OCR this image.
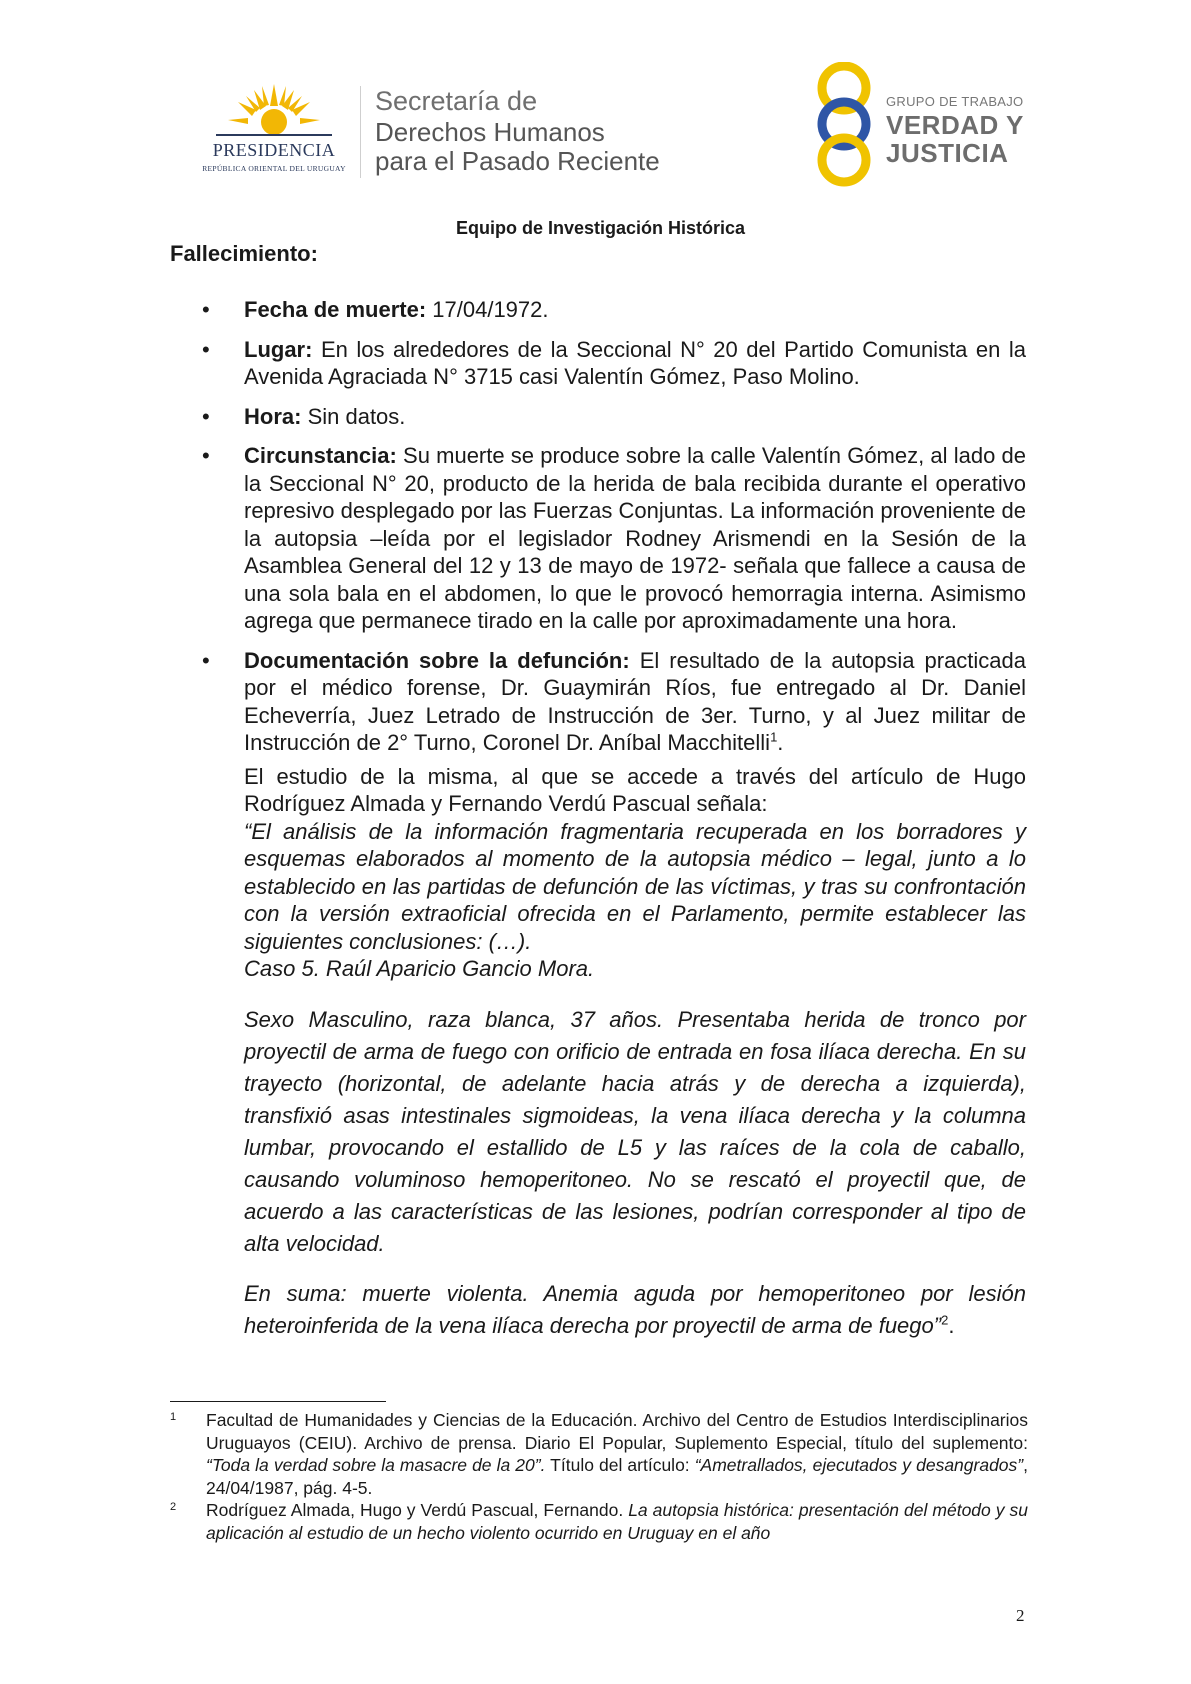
PRESIDENCIA
REPÚBLICA ORIENTAL DEL URUGUAY
Secretaría de
Derechos Humanos
para el Pasado Reciente
GRUPO DE TRABAJO
VERDAD Y
JUSTICIA
Equipo de Investigación Histórica
Fallecimiento:
• Fecha de muerte: 17/04/1972.
• Lugar: En los alrededores de la Seccional N° 20 del Partido Comunista en la Avenida Agraciada N° 3715 casi Valentín Gómez, Paso Molino.
• Hora: Sin datos.
• Circunstancia: Su muerte se produce sobre la calle Valentín Gómez, al lado de la Seccional N° 20, producto de la herida de bala recibida durante el operativo represivo desplegado por las Fuerzas Conjuntas. La información proveniente de la autopsia –leída por el legislador Rodney Arismendi en la Sesión de la Asamblea General del 12 y 13 de mayo de 1972- señala que fallece a causa de una sola bala en el abdomen, lo que le provocó hemorragia interna. Asimismo agrega que permanece tirado en la calle por aproximadamente una hora.
• Documentación sobre la defunción: El resultado de la autopsia practicada por el médico forense, Dr. Guaymirán Ríos, fue entregado al Dr. Daniel Echeverría, Juez Letrado de Instrucción de 3er. Turno, y al Juez militar de Instrucción de 2° Turno, Coronel Dr. Aníbal Macchitelli$^1$.
El estudio de la misma, al que se accede a través del artículo de Hugo Rodríguez Almada y Fernando Verdú Pascual señala:
“El análisis de la información fragmentaria recuperada en los borradores y esquemas elaborados al momento de la autopsia médico – legal, junto a lo establecido en las partidas de defunción de las víctimas, y tras su confrontación con la versión extraoficial ofrecida en el Parlamento, permite establecer las siguientes conclusiones: (…).
Caso 5. Raúl Aparicio Gancio Mora.
Sexo Masculino, raza blanca, 37 años. Presentaba herida de tronco por proyectil de arma de fuego con orificio de entrada en fosa ilíaca derecha. En su trayecto (horizontal, de adelante hacia atrás y de derecha a izquierda), transfixió asas intestinales sigmoideas, la vena ilíaca derecha y la columna lumbar, provocando el estallido de L5 y las raíces de la cola de caballo, causando voluminoso hemoperitoneo. No se rescató el proyectil que, de acuerdo a las características de las lesiones, podrían corresponder al tipo de alta velocidad.
En suma: muerte violenta. Anemia aguda por hemoperitoneo por lesión heteroinferida de la vena ilíaca derecha por proyectil de arma de fuego”$^2$.
1 Facultad de Humanidades y Ciencias de la Educación. Archivo del Centro de Estudios Interdisciplinarios Uruguayos (CEIU). Archivo de prensa. Diario El Popular, Suplemento Especial, título del suplemento: “Toda la verdad sobre la masacre de la 20”. Título del artículo: “Ametrallados, ejecutados y desangrados”, 24/04/1987, pág. 4-5.
2 Rodríguez Almada, Hugo y Verdú Pascual, Fernando. La autopsia histórica: presentación del método y su aplicación al estudio de un hecho violento ocurrido en Uruguay en el año
2
